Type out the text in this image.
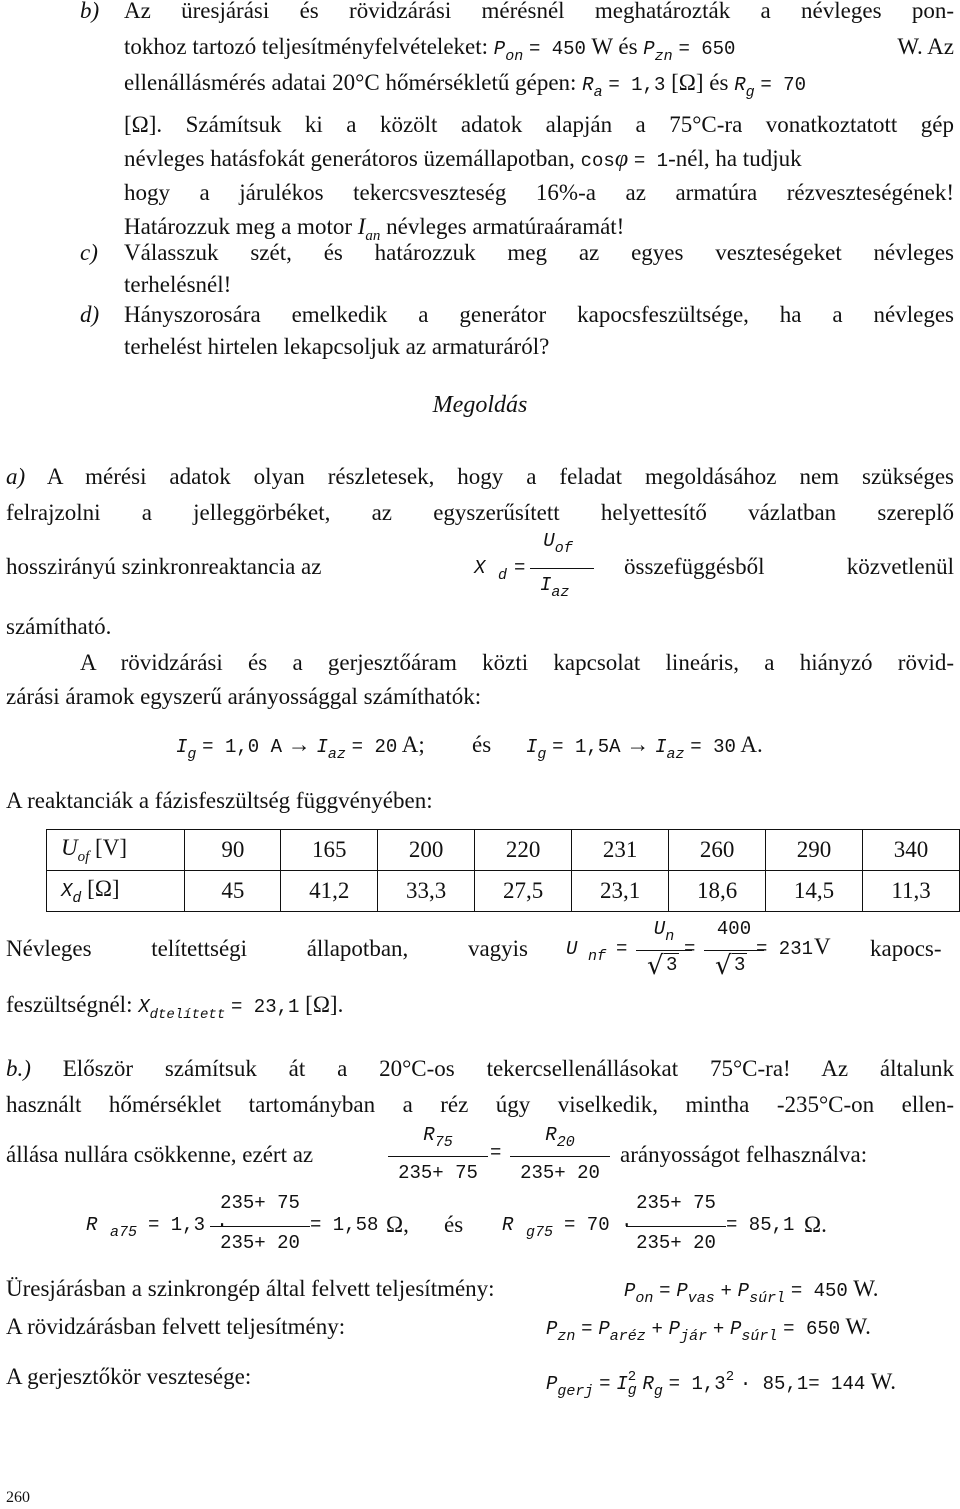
b) Az üresjárási és rövidzárási mérésnél meghatározták a névleges pon-
tokhoz tartozó teljesítményfelvételeket: $P_{on} = 450$ W és $P_{zn} = 650$	W. Az
ellenállásmérés adatai 20°C hőmérsékletű gépen: $R_a = 1,3$ [Ω] és $R_g = 70$
[Ω]. Számítsuk ki a közölt adatok alapján a 75°C-ra vonatkoztatott gép
névleges hatásfokát generátoros üzemállapotban, cosφ = 1-nél, ha tudjuk
hogy a járulékos tekercsveszteség 16%-a az armatúra rézveszteségének!
Határozzuk meg a motor $I_{an}$ névleges armatúraáramát!
c) Válasszuk szét, és határozzuk meg az egyes veszteségeket névleges
terhelésnél!
d) Hányszorosára emelkedik a generátor kapocsfeszültsége, ha a névleges
terhelést hirtelen lekapcsoljuk az armaturáról?
Megoldás
a) A mérési adatok olyan részletesek, hogy a feladat megoldásához nem szükséges
felrajzolni a jelleggörbéket, az egyszerűsített helyettesítő vázlatban szereplő
hosszirányú szinkronreaktancia az	X d =
Uof
Iaz
összefüggésből közvetlenül
számítható.
A rövidzárási és a gerjesztőáram közti kapcsolat lineáris, a hiányzó rövid-
zárási áramok egyszerű arányossággal számíthatók:
$I_g = 1,0$ $A \to I_{az} = 20$ A; és $I_g = 1,5A \to I_{az} = 30$ A.
A reaktanciák a fázisfeszültség függvényében:
$U_{of}$ [V]	90	165	200	220	231	260	290	340
$X_d$ [Ω]	45	41,2	33,3	27,5	23,1	18,6	14,5	11,3
Névleges telítettségi állapotban, vagyis U nf =
Un
√ 3
=
400
√ 3
= 231 V kapocs-
feszültségnél: $X_{dtelített} = 23,1$ [Ω].
b.) Először számítsuk át a 20°C-os tekercsellenállásokat 75°C-ra! Az általunk
használt hőmérséklet tartományban a réz úgy viselkedik, mintha -235°C-on ellen-
állása nullára csökkenne, ezért az
R75
235+ 75
=
R20
235+ 20
arányosságot felhasználva:
R a75 = 1,3 ·
235+ 75
235+ 20
= 1,58 Ω, és R g75 = 70 ·
235+ 75
235+ 20
= 85,1 Ω.
Üresjárásban a szinkrongép által felvett teljesítmény:	$P_{on} = P_{vas} + P_{súrl} = 450$ W.
A rövidzárásban felvett teljesítmény:	$P_{zn} = P_{aréz} + P_{jár} + P_{súrl} = 650$ W.
A gerjesztőkör vesztesége:	$P_{gerj} = I$ 2
g $R_g = 1,3^2 \cdot 85,1= 144$ W.
260
